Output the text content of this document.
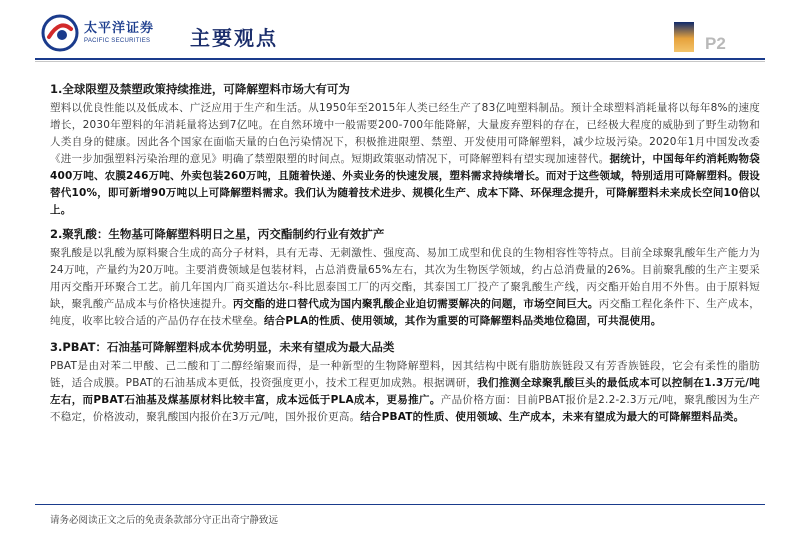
太平洋证券
PACIFIC SECURITIES 主要观点	P2

1.全球限塑及禁塑政策持续推进，可降解塑料市场大有可为

塑料以优良性能以及低成本、广泛应用于生产和生活。从1950年至2015年人类已经生产了83亿吨塑料制品。预计全球塑料消耗量将以每年8%的速度增长，2030年塑料的年消耗量将达到7亿吨。在自然环境中一般需要200-700年能降解，大量废弃塑料的存在，已经极大程度的威胁到了野生动物和人类自身的健康。因此各个国家在面临天量的白色污染情况下，积极推进限塑、禁塑、开发使用可降解塑料，减少垃圾污染。2020年1月中国发改委《进一步加强塑料污染治理的意见》明确了禁塑限塑的时间点。短期政策驱动情况下，可降解塑料有望实现加速替代。据统计，中国每年约消耗购物袋400万吨、农膜246万吨、外卖包装260万吨，且随着快递、外卖业务的快速发展，塑料需求持续增长。而对于这些领域，特别适用可降解塑料。假设替代10%，即可新增90万吨以上可降解塑料需求。我们认为随着技术进步、规模化生产、成本下降、环保理念提升，可降解塑料未来成长空间10倍以上。

2.聚乳酸：生物基可降解塑料明日之星，丙交酯制约行业有效扩产

聚乳酸是以乳酸为原料聚合生成的高分子材料，具有无毒、无刺激性、强度高、易加工成型和优良的生物相容性等特点。目前全球聚乳酸年生产能力为24万吨，产量约为20万吨。主要消费领域是包装材料，占总消费量65%左右，其次为生物医学领域，约占总消费量的26%。目前聚乳酸的生产主要采用丙交酯开环聚合工艺。前几年国内厂商买道达尔-科比恩泰国工厂的丙交酯，其泰国工厂投产了聚乳酸生产线，丙交酯开始自用不外售。由于原料短缺，聚乳酸产品成本与价格快速提升。丙交酯的进口替代成为国内聚乳酸企业迫切需要解决的问题，市场空间巨大。丙交酯工程化条件下、生产成本，纯度，收率比较合适的产品仍存在技术壁垒。结合PLA的性质、使用领域，其作为重要的可降解塑料品类地位稳固，可共混使用。

3.PBAT：石油基可降解塑料成本优势明显，未来有望成为最大品类

PBAT是由对苯二甲酸、己二酸和丁二醇经缩聚而得，是一种新型的生物降解塑料，因其结构中既有脂肪族链段又有芳香族链段，它会有柔性的脂肪链，适合成膜。PBAT的石油基成本更低，投资强度更小，技术工程更加成熟。根据调研，我们推测全球聚乳酸巨头的最低成本可以控制在1.3万元/吨左右，而PBAT石油基及煤基原材料比较丰富，成本远低于PLA成本，更易推广。产品价格方面：目前PBAT报价是2.2-2.3万元/吨，聚乳酸因为生产不稳定，价格波动，聚乳酸国内报价在3万元/吨，国外报价更高。结合PBAT的性质、使用领域、生产成本，未来有望成为最大的可降解塑料品类。

请务必阅读正文之后的免责条款部分守正出奇宁静致远
